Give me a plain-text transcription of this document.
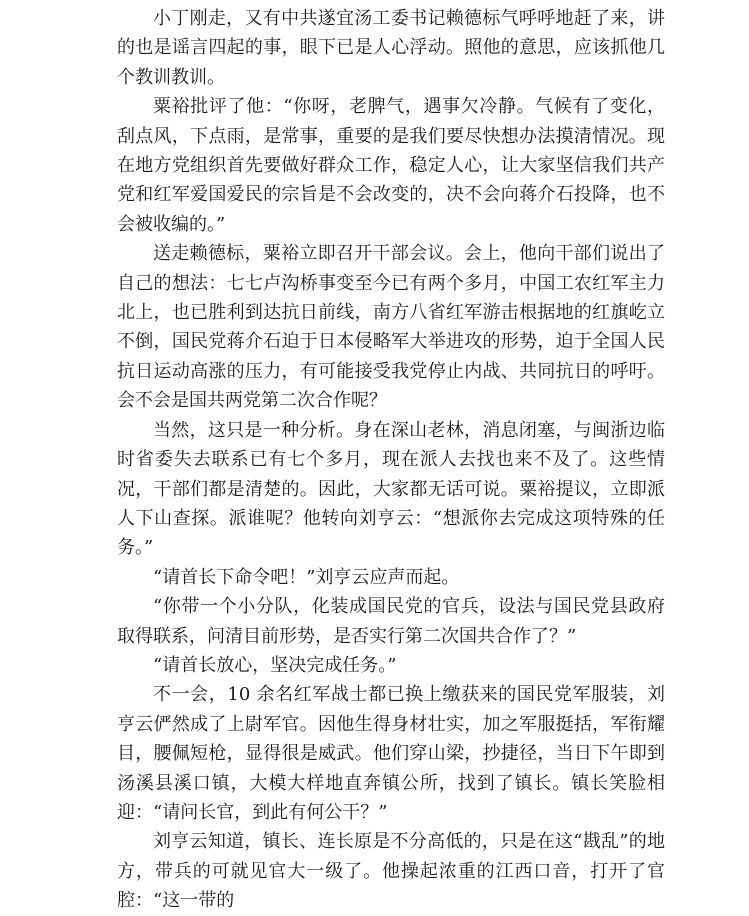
小丁刚走，又有中共遂宜汤工委书记赖德标气呼呼地赶了来，讲的也是谣言四起的事，眼下已是人心浮动。照他的意思，应该抓他几个教训教训。

粟裕批评了他：“你呀，老脾气，遇事欠冷静。气候有了变化，刮点风，下点雨，是常事，重要的是我们要尽快想办法摸清情况。现在地方党组织首先要做好群众工作，稳定人心，让大家坚信我们共产党和红军爱国爱民的宗旨是不会改变的，决不会向蒋介石投降，也不会被收编的。”

送走赖德标，粟裕立即召开干部会议。会上，他向干部们说出了自己的想法：七七卢沟桥事变至今已有两个多月，中国工农红军主力北上，也已胜利到达抗日前线，南方八省红军游击根据地的红旗屹立不倒，国民党蒋介石迫于日本侵略军大举进攻的形势，迫于全国人民抗日运动高涨的压力，有可能接受我党停止内战、共同抗日的呼吁。会不会是国共两党第二次合作呢？

当然，这只是一种分析。身在深山老林，消息闭塞，与闽浙边临时省委失去联系已有七个多月，现在派人去找也来不及了。这些情况，干部们都是清楚的。因此，大家都无话可说。粟裕提议，立即派人下山查探。派谁呢？他转向刘亨云：“想派你去完成这项特殊的任务。”

“请首长下命令吧！”刘亨云应声而起。

“你带一个小分队，化装成国民党的官兵，设法与国民党县政府取得联系，问清目前形势，是否实行第二次国共合作了？”

“请首长放心，坚决完成任务。”

不一会，10 余名红军战士都已换上缴获来的国民党军服装，刘亨云俨然成了上尉军官。因他生得身材壮实，加之军服挺括，军衔耀目，腰佩短枪，显得很是威武。他们穿山梁，抄捷径，当日下午即到汤溪县溪口镇，大模大样地直奔镇公所，找到了镇长。镇长笑脸相迎：“请问长官，到此有何公干？”

刘亨云知道，镇长、连长原是不分高低的，只是在这“戡乱”的地方，带兵的可就见官大一级了。他操起浓重的江西口音，打开了官腔：“这一带的
